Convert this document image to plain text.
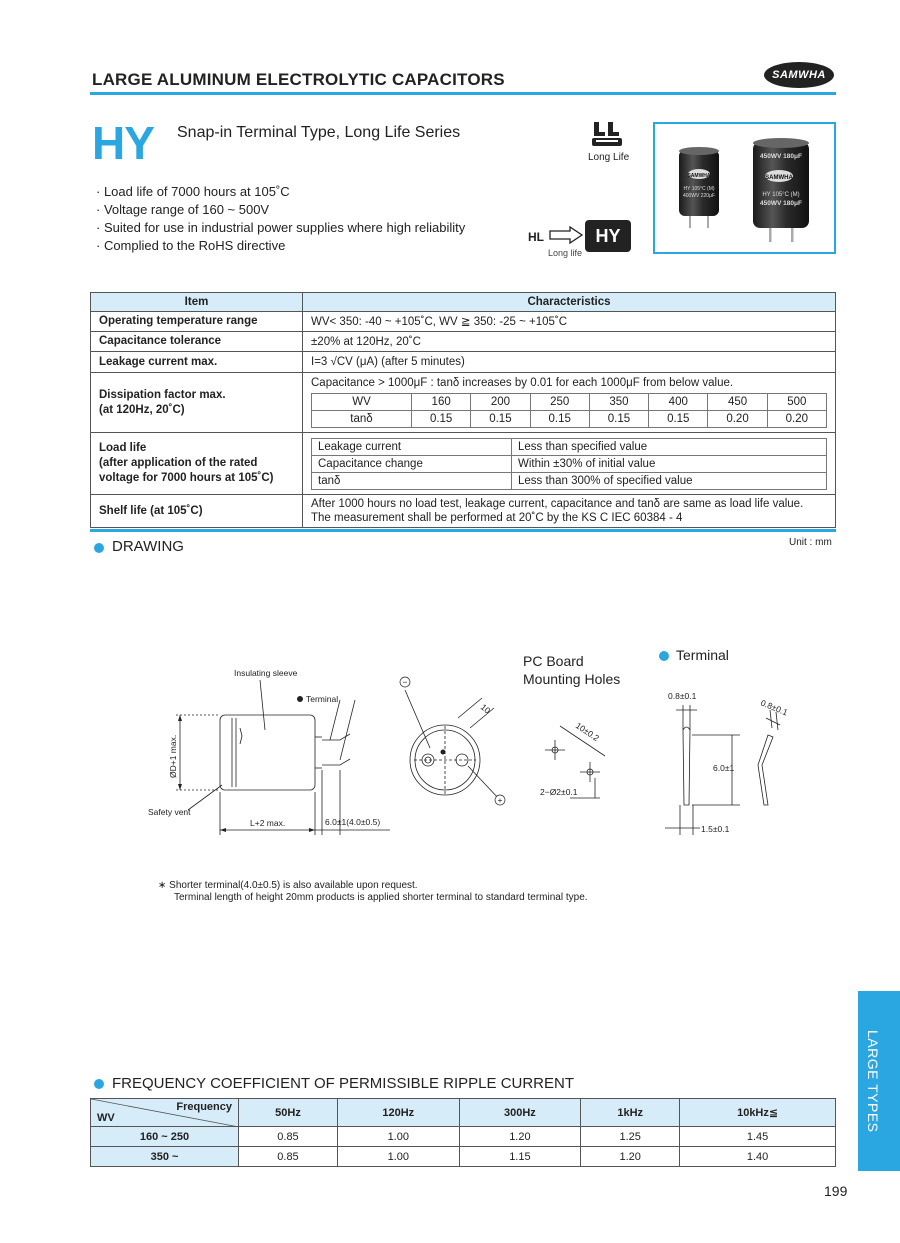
LARGE ALUMINUM ELECTROLYTIC CAPACITORS	SAMWHA
HY Snap-in Terminal Type, Long Life Series
· Load life of 7000 hours at 105˚C
· Voltage range of 160 ~ 500V
· Suited for use in industrial power supplies where high reliability
· Complied to the RoHS directive
Long Life
HL	HY
Long life
SAMWHA
HY 105°C (M)
400WV 220μF
450WV 180μF
SAMWHA
HY 105°C (M)
450WV 180μF
Item	Characteristics
Operating temperature range	WV< 350: -40 ~ +105˚C, WV ≧ 350: -25 ~ +105˚C
Capacitance tolerance	±20% at 120Hz, 20˚C
Leakage current max.	I=3 √CV (μA) (after 5 minutes)

Dissipation factor max.
(at 120Hz, 20˚C)

Capacitance > 1000μF : tanδ increases by 0.01 for each 1000μF from below value.
WV	160	200	250	350	400	450	500
tanδ	0.15	0.15	0.15	0.15	0.15	0.20	0.20

Load life
(after application of the rated
voltage for 7000 hours at 105˚C)

Leakage current	Less than specified value
Capacitance change	Within ±30% of initial value
tanδ	Less than 300% of specified value

Shelf life (at 105˚C)	
After 1000 hours no load test, leakage current, capacitance and tanδ are same as load life value.
The measurement shall be performed at 20˚C by the KS C IEC 60384 - 4
DRAWING	Unit : mm
PC Board
Mounting Holes
Terminal
−
+
Insulating sleeve
Terminal
ØD+1 max.
Safety vent
L+2 max.	6.0±1(4.0±0.5)
10
10±0.2
2−Ø2±0.1
0.8±0.1
0.8±0.1
6.0±1
1.5±0.1
∗ Shorter terminal(4.0±0.5) is also available upon request.
Terminal length of height 20mm products is applied shorter terminal to standard terminal type.
LARGE TYPES
FREQUENCY COEFFICIENT OF PERMISSIBLE RIPPLE CURRENT
Frequency
WV	50Hz	120Hz	300Hz	1kHz	10kHz≦
160 ~ 250	0.85	1.00	1.20	1.25	1.45
350 ~	0.85	1.00	1.15	1.20	1.40
199
